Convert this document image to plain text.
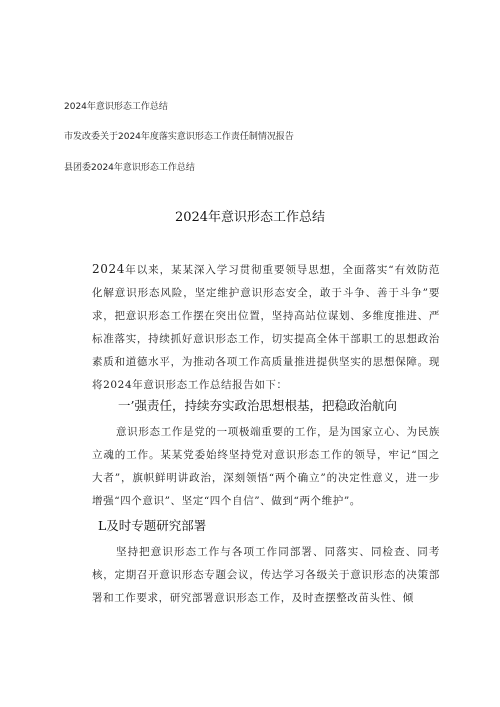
2024年意识形态工作总结
市发改委关于2024年度落实意识形态工作责任制情况报告
县团委2024年意识形态工作总结
2024年意识形态工作总结
2024年以来，某某深入学习贯彻重要领导思想，全面落实“有效防范化解意识形态风险，坚定维护意识形态安全，敢于斗争、善于斗争”要求，把意识形态工作摆在突出位置，坚持高站位谋划、多维度推进、严标准落实，持续抓好意识形态工作，切实提高全体干部职工的思想政治素质和道德水平，为推动各项工作高质量推进提供坚实的思想保障。现将2024年意识形态工作总结报告如下：
一’强责任，持续夯实政治思想根基，把稳政治航向
意识形态工作是党的一项极端重要的工作，是为国家立心、为民族立魂的工作。某某党委始终坚持党对意识形态工作的领导，牢记“国之大者”，旗帜鲜明讲政治，深刻领悟“两个确立”的决定性意义，进一步增强“四个意识”、坚定“四个自信”、做到“两个维护”。
L及时专题研究部署
坚持把意识形态工作与各项工作同部署、同落实、同检查、同考核，定期召开意识形态专题会议，传达学习各级关于意识形态的决策部署和工作要求，研究部署意识形态工作，及时查摆整改苗头性、倾
